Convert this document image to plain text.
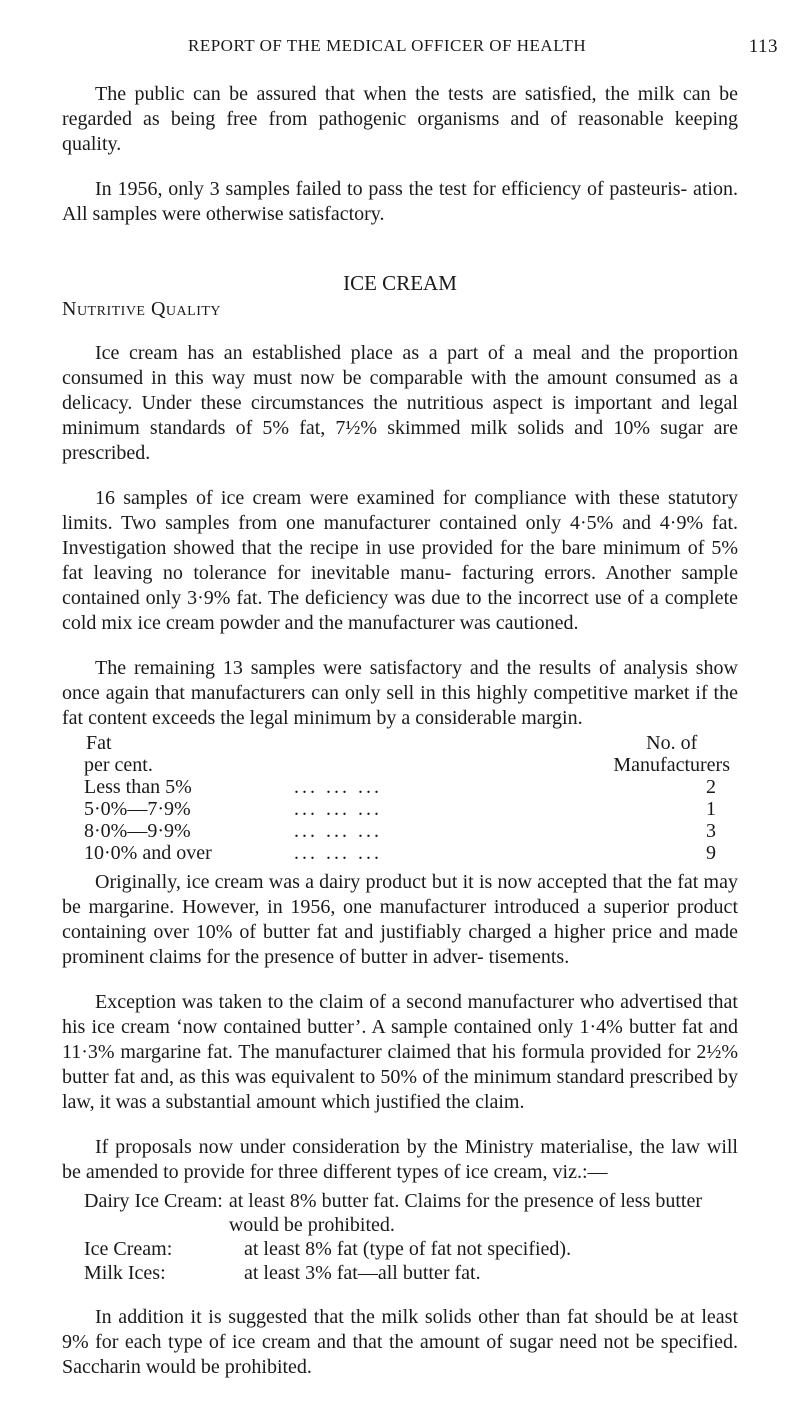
REPORT OF THE MEDICAL OFFICER OF HEALTH	113

The public can be assured that when the tests are satisfied, the milk can be regarded as being free from pathogenic organisms and of reasonable keeping quality.

In 1956, only 3 samples failed to pass the test for efficiency of pasteuris- ation. All samples were otherwise satisfactory.

ICE CREAM
Nutritive Quality

Ice cream has an established place as a part of a meal and the proportion consumed in this way must now be comparable with the amount consumed as a delicacy. Under these circumstances the nutritious aspect is important and legal minimum standards of 5% fat, 7½% skimmed milk solids and 10% sugar are prescribed.

16 samples of ice cream were examined for compliance with these statutory limits. Two samples from one manufacturer contained only 4·5% and 4·9% fat. Investigation showed that the recipe in use provided for the bare minimum of 5% fat leaving no tolerance for inevitable manu- facturing errors. Another sample contained only 3·9% fat. The deficiency was due to the incorrect use of a complete cold mix ice cream powder and the manufacturer was cautioned.

The remaining 13 samples were satisfactory and the results of analysis show once again that manufacturers can only sell in this highly competitive market if the fat content exceeds the legal minimum by a considerable margin.

Fat
per cent.
No. of
Manufacturers
Less than 5%	... ... ...	2
5·0%—7·9%	... ... ...	1
8·0%—9·9%	... ... ...	3
10·0% and over	... ... ...	9

Originally, ice cream was a dairy product but it is now accepted that the fat may be margarine. However, in 1956, one manufacturer introduced a superior product containing over 10% of butter fat and justifiably charged a higher price and made prominent claims for the presence of butter in adver- tisements.

Exception was taken to the claim of a second manufacturer who advertised that his ice cream ‘now contained butter’. A sample contained only 1·4% butter fat and 11·3% margarine fat. The manufacturer claimed that his formula provided for 2½% butter fat and, as this was equivalent to 50% of the minimum standard prescribed by law, it was a substantial amount which justified the claim.

If proposals now under consideration by the Ministry materialise, the law will be amended to provide for three different types of ice cream, viz.:—

Dairy Ice Cream: at least 8% butter fat. Claims for the presence of less butter would be prohibited.
Ice Cream:	at least 8% fat (type of fat not specified).
Milk Ices:	at least 3% fat—all butter fat.

In addition it is suggested that the milk solids other than fat should be at least 9% for each type of ice cream and that the amount of sugar need not be specified. Saccharin would be prohibited.
